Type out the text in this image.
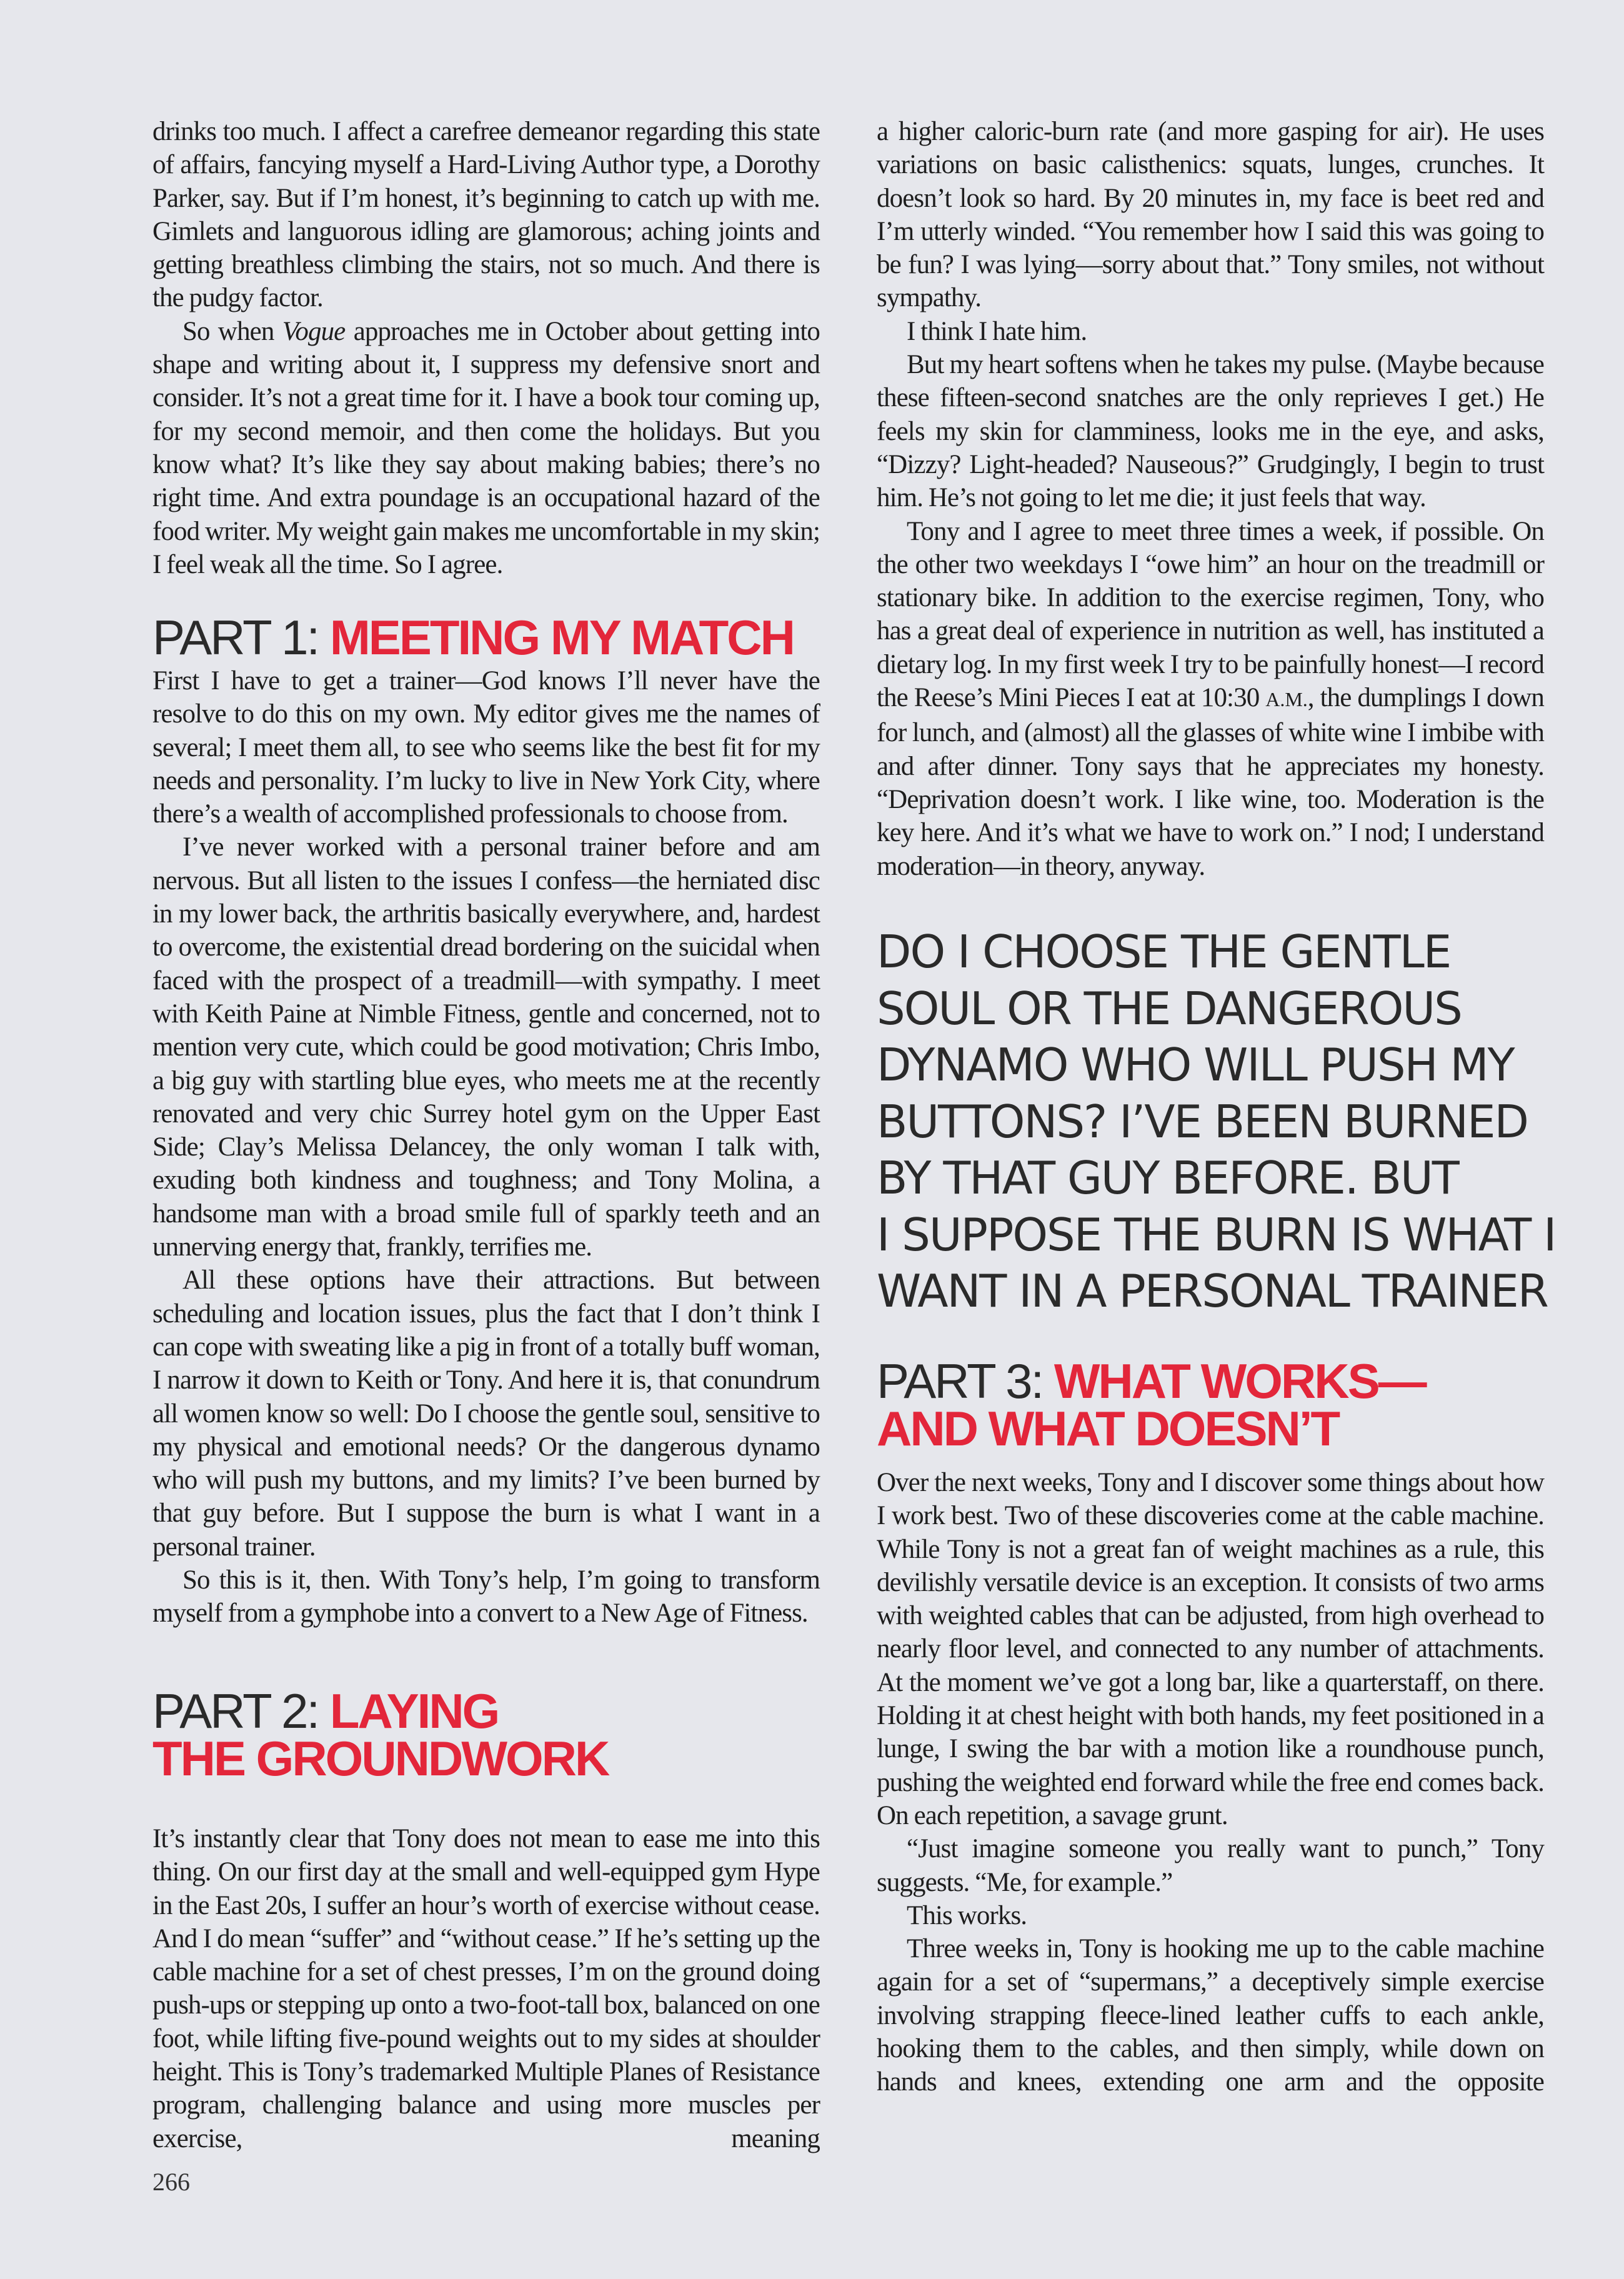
drinks too much. I affect a carefree demeanor regarding this state of affairs, fancying myself a Hard-Living Author type, a Dorothy Parker, say. But if I’m honest, it’s beginning to catch up with me. Gimlets and languorous idling are glamorous; aching joints and getting breathless climbing the stairs, not so much. And there is the pudgy factor.

So when Vogue approaches me in October about getting into shape and writing about it, I suppress my defensive snort and consider. It’s not a great time for it. I have a book tour coming up, for my second memoir, and then come the holidays. But you know what? It’s like they say about making babies; there’s no right time. And extra poundage is an occupational hazard of the food writer. My weight gain makes me uncomfortable in my skin; I feel weak all the time. So I agree.

PART 1: MEETING MY MATCH

First I have to get a trainer—God knows I’ll never have the resolve to do this on my own. My editor gives me the names of several; I meet them all, to see who seems like the best fit for my needs and personality. I’m lucky to live in New York City, where there’s a wealth of accomplished professionals to choose from.

I’ve never worked with a personal trainer before and am nervous. But all listen to the issues I confess—the herniated disc in my lower back, the arthritis basically everywhere, and, hardest to overcome, the existential dread bordering on the suicidal when faced with the prospect of a treadmill—with sympathy. I meet with Keith Paine at Nimble Fitness, gentle and concerned, not to mention very cute, which could be good motivation; Chris Imbo, a big guy with startling blue eyes, who meets me at the recently renovated and very chic Surrey hotel gym on the Upper East Side; Clay’s Melissa Delancey, the only woman I talk with, exuding both kindness and toughness; and Tony Molina, a handsome man with a broad smile full of sparkly teeth and an unnerving energy that, frankly, terrifies me.

All these options have their attractions. But between scheduling and location issues, plus the fact that I don’t think I can cope with sweating like a pig in front of a totally buff woman, I narrow it down to Keith or Tony. And here it is, that conundrum all women know so well: Do I choose the gentle soul, sensitive to my physical and emotional needs? Or the dangerous dynamo who will push my buttons, and my limits? I’ve been burned by that guy before. But I suppose the burn is what I want in a personal trainer.

So this is it, then. With Tony’s help, I’m going to transform myself from a gymphobe into a convert to a New Age of Fitness.

PART 2: LAYING
THE GROUNDWORK

It’s instantly clear that Tony does not mean to ease me into this thing. On our first day at the small and well-equipped gym Hype in the East 20s, I suffer an hour’s worth of exercise without cease. And I do mean “suffer” and “without cease.” If he’s setting up the cable machine for a set of chest presses, I’m on the ground doing push-ups or stepping up onto a two-foot-tall box, balanced on one foot, while lifting five-pound weights out to my sides at shoulder height. This is Tony’s trademarked Multiple Planes of Resistance program, challenging balance and using more muscles per exercise, meaning

a higher caloric-burn rate (and more gasping for air). He uses variations on basic calisthenics: squats, lunges, crunches. It doesn’t look so hard. By 20 minutes in, my face is beet red and I’m utterly winded. “You remember how I said this was going to be fun? I was lying—sorry about that.” Tony smiles, not without sympathy.

I think I hate him.

But my heart softens when he takes my pulse. (Maybe because these fifteen-second snatches are the only reprieves I get.) He feels my skin for clamminess, looks me in the eye, and asks, “Dizzy? Light-headed? Nauseous?” Grudgingly, I begin to trust him. He’s not going to let me die; it just feels that way.

Tony and I agree to meet three times a week, if possible. On the other two weekdays I “owe him” an hour on the treadmill or stationary bike. In addition to the exercise regimen, Tony, who has a great deal of experience in nutrition as well, has instituted a dietary log. In my first week I try to be painfully honest—I record the Reese’s Mini Pieces I eat at 10:30 A.M., the dumplings I down for lunch, and (almost) all the glasses of white wine I imbibe with and after dinner. Tony says that he appreciates my honesty. “Deprivation doesn’t work. I like wine, too. Moderation is the key here. And it’s what we have to work on.” I nod; I understand moderation—in theory, anyway.

DO I CHOOSE THE GENTLE
SOUL OR THE DANGEROUS
DYNAMO WHO WILL PUSH MY
BUTTONS? I’VE BEEN BURNED
BY THAT GUY BEFORE. BUT
I SUPPOSE THE BURN IS WHAT I
WANT IN A PERSONAL TRAINER
PART 3: WHAT WORKS—
AND WHAT DOESN’T

Over the next weeks, Tony and I discover some things about how I work best. Two of these discoveries come at the cable machine. While Tony is not a great fan of weight machines as a rule, this devilishly versatile device is an exception. It consists of two arms with weighted cables that can be adjusted, from high overhead to nearly floor level, and connected to any number of attachments. At the moment we’ve got a long bar, like a quarterstaff, on there. Holding it at chest height with both hands, my feet positioned in a lunge, I swing the bar with a motion like a roundhouse punch, pushing the weighted end forward while the free end comes back. On each repetition, a savage grunt.

“Just imagine someone you really want to punch,” Tony suggests. “Me, for example.”

This works.

Three weeks in, Tony is hooking me up to the cable machine again for a set of “supermans,” a deceptively simple exercise involving strapping fleece-lined leather cuffs to each ankle, hooking them to the cables, and then simply, while down on hands and knees, extending one arm and the opposite

266
